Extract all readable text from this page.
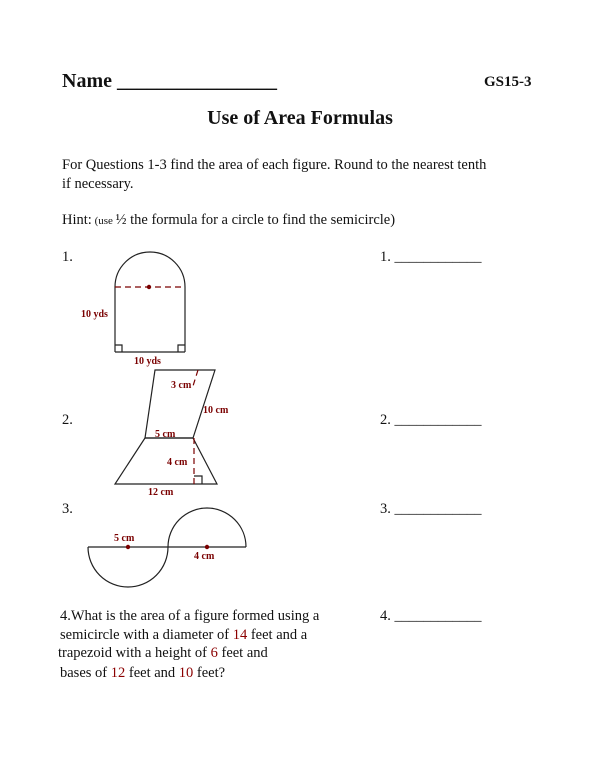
Name ________________	GS15-3
Use of Area Formulas
For Questions 1-3 find the area of each figure. Round to the nearest tenth
if necessary.
Hint: (use ½ the formula for a circle to find the semicircle)
1.	1. ____________
10 yds
10 yds
2.	2. ____________
3 cm
10 cm
5 cm
4 cm
12 cm
3.	3. ____________
5 cm
4 cm
4.What is the area of a figure formed using a
semicircle with a diameter of 14 feet and a
trapezoid with a height of 6 feet and
bases of 12 feet and 10 feet?
4. ____________
